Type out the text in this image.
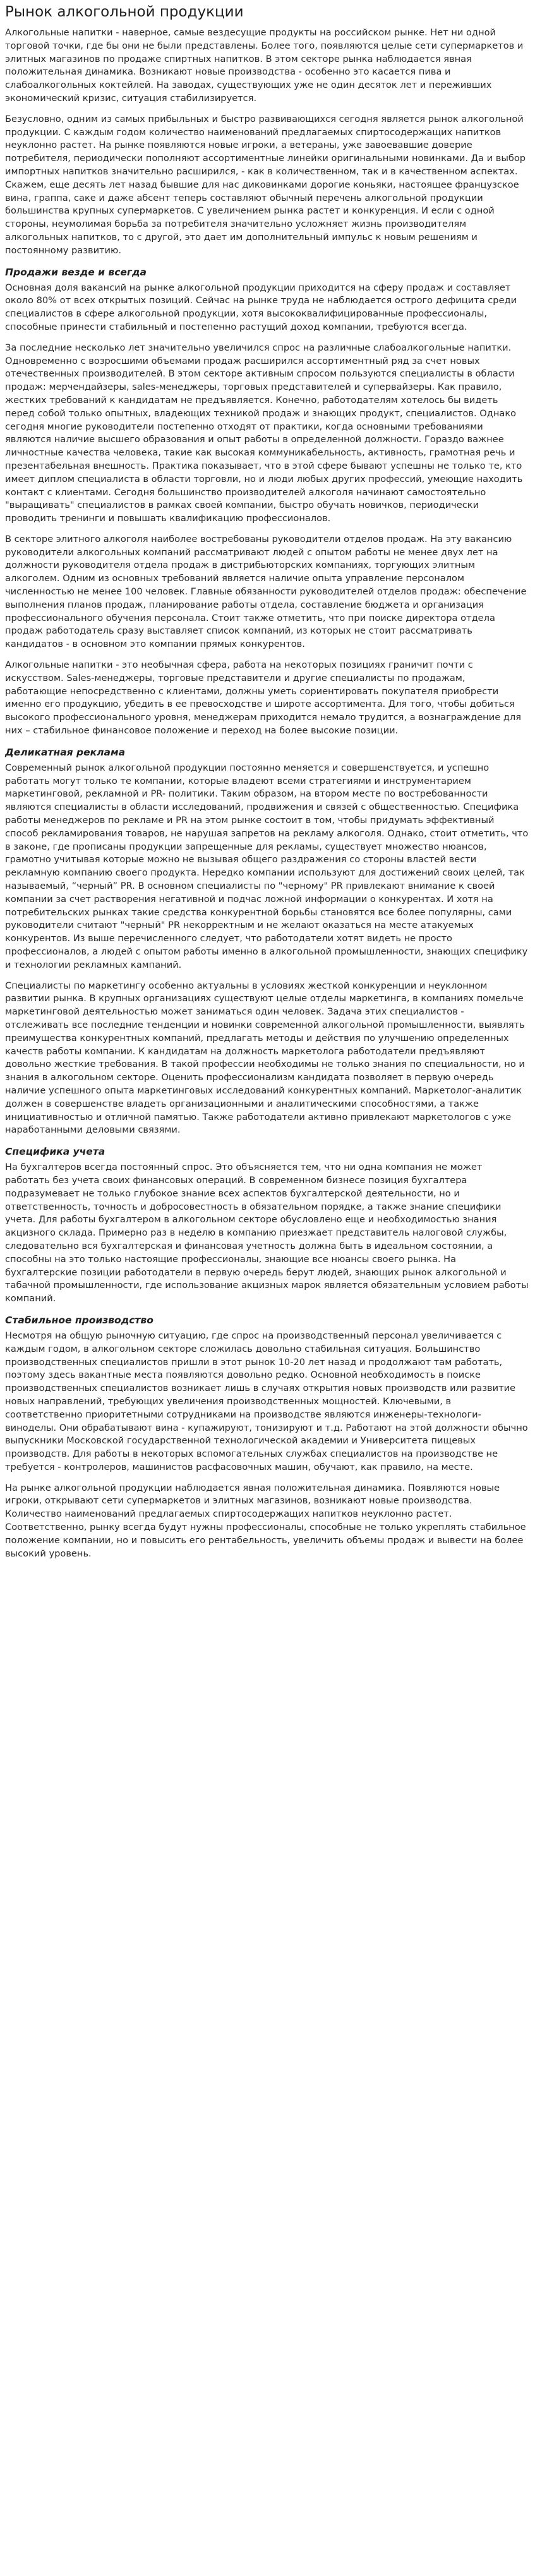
Рынок алкогольной продукции

Алкогольные напитки - наверное, самые вездесущие продукты на российском рынке. Нет ни одной торговой точки, где бы они не были представлены. Более того, появляются целые сети супермаркетов и элитных магазинов по продаже спиртных напитков. В этом секторе рынка наблюдается явная положительная динамика. Возникают новые производства - особенно это касается пива и слабоалкогольных коктейлей. На заводах, существующих уже не один десяток лет и переживших экономический кризис, ситуация стабилизируется.

Безусловно, одним из самых прибыльных и быстро развивающихся сегодня является рынок алкогольной продукции. С каждым годом количество наименований предлагаемых спиртосодержащих напитков неуклонно растет. На рынке появляются новые игроки, а ветераны, уже завоевавшие доверие потребителя, периодически пополняют ассортиментные линейки оригинальными новинками. Да и выбор импортных напитков значительно расширился, - как в количественном, так и в качественном аспектах. Скажем, еще десять лет назад бывшие для нас диковинками дорогие коньяки, настоящее французское вина, граппа, саке и даже абсент теперь составляют обычный перечень алкогольной продукции большинства крупных супермаркетов. С увеличением рынка растет и конкуренция. И если с одной стороны, неумолимая борьба за потребителя значительно усложняет жизнь производителям алкогольных напитков, то с другой, это дает им дополнительный импульс к новым решениям и постоянному развитию.

Продажи везде и всегда

Основная доля вакансий на рынке алкогольной продукции приходится на сферу продаж и составляет около 80% от всех открытых позиций. Сейчас на рынке труда не наблюдается острого дефицита среди специалистов в сфере алкогольной продукции, хотя высококвалифицированные профессионалы, способные принести стабильный и постепенно растущий доход компании, требуются всегда.

За последние несколько лет значительно увеличился спрос на различные слабоалкогольные напитки. Одновременно с возросшими объемами продаж расширился ассортиментный ряд за счет новых отечественных производителей. В этом секторе активным спросом пользуются специалисты в области продаж: мерчендайзеры, sales-менеджеры, торговых представителей и супервайзеры. Как правило, жестких требований к кандидатам не предъявляется. Конечно, работодателям хотелось бы видеть перед собой только опытных, владеющих техникой продаж и знающих продукт, специалистов. Однако сегодня многие руководители постепенно отходят от практики, когда основными требованиями являются наличие высшего образования и опыт работы в определенной должности. Гораздо важнее личностные качества человека, такие как высокая коммуникабельность, активность, грамотная речь и презентабельная внешность. Практика показывает, что в этой сфере бывают успешны не только те, кто имеет диплом специалиста в области торговли, но и люди любых других профессий, умеющие находить контакт с клиентами. Сегодня большинство производителей алкоголя начинают самостоятельно "выращивать" специалистов в рамках своей компании, быстро обучать новичков, периодически проводить тренинги и повышать квалификацию профессионалов.

В секторе элитного алкоголя наиболее востребованы руководители отделов продаж. На эту вакансию руководители алкогольных компаний рассматривают людей с опытом работы не менее двух лет на должности руководителя отдела продаж в дистрибьюторских компаниях, торгующих элитным алкоголем. Одним из основных требований является наличие опыта управление персоналом численностью не менее 100 человек. Главные обязанности руководителей отделов продаж: обеспечение выполнения планов продаж, планирование работы отдела, составление бюджета и организация профессионального обучения персонала. Стоит также отметить, что при поиске директора отдела продаж работодатель сразу выставляет список компаний, из которых не стоит рассматривать кандидатов - в основном это компании прямых конкурентов.

Алкогольные напитки - это необычная сфера, работа на некоторых позициях граничит почти с искусством. Sales-менеджеры, торговые представители и другие специалисты по продажам, работающие непосредственно с клиентами, должны уметь сориентировать покупателя приобрести именно его продукцию, убедить в ее превосходстве и широте ассортимента. Для того, чтобы добиться высокого профессионального уровня, менеджерам приходится немало трудится, а вознаграждение для них – стабильное финансовое положение и переход на более высокие позиции.

Деликатная реклама

Современный рынок алкогольной продукции постоянно меняется и совершенствуется, и успешно работать могут только те компании, которые владеют всеми стратегиями и инструментарием маркетинговой, рекламной и PR- политики. Таким образом, на втором месте по востребованности являются специалисты в области исследований, продвижения и связей с общественностью. Специфика работы менеджеров по рекламе и PR на этом рынке состоит в том, чтобы придумать эффективный способ рекламирования товаров, не нарушая запретов на рекламу алкоголя. Однако, стоит отметить, что в законе, где прописаны продукции запрещенные для рекламы, существует множество нюансов, грамотно учитывая которые можно не вызывая общего раздражения со стороны властей вести рекламную компанию своего продукта. Нередко компании используют для достижений своих целей, так называемый, “черный” PR. В основном специалисты по "черному" PR привлекают внимание к своей компании за счет растворения негативной и подчас ложной информации о конкурентах. И хотя на потребительских рынках такие средства конкурентной борьбы становятся все более популярны, сами руководители считают "черный" PR некорректным и не желают оказаться на месте атакуемых конкурентов. Из выше перечисленного следует, что работодатели хотят видеть не просто профессионалов, а людей с опытом работы именно в алкогольной промышленности, знающих специфику и технологии рекламных кампаний.

Специалисты по маркетингу особенно актуальны в условиях жесткой конкуренции и неуклонном развитии рынка. В крупных организациях существуют целые отделы маркетинга, в компаниях помельче маркетинговой деятельностью может заниматься один человек. Задача этих специалистов - отслеживать все последние тенденции и новинки современной алкогольной промышленности, выявлять преимущества конкурентных компаний, предлагать методы и действия по улучшению определенных качеств работы компании. К кандидатам на должность маркетолога работодатели предъявляют довольно жесткие требования. В такой профессии необходимы не только знания по специальности, но и знания в алкогольном секторе. Оценить профессионализм кандидата позволяет в первую очередь наличие успешного опыта маркетинговых исследований конкурентных компаний. Маркетолог-аналитик должен в совершенстве владеть организационными и аналитическими способностями, а также инициативностью и отличной памятью. Также работодатели активно привлекают маркетологов с уже наработанными деловыми связями.

Специфика учета

На бухгалтеров всегда постоянный спрос. Это объясняется тем, что ни одна компания не может работать без учета своих финансовых операций. В современном бизнесе позиция бухгалтера подразумевает не только глубокое знание всех аспектов бухгалтерской деятельности, но и ответственность, точность и добросовестность в обязательном порядке, а также знание специфики учета. Для работы бухгалтером в алкогольном секторе обусловлено еще и необходимостью знания акцизного склада. Примерно раз в неделю в компанию приезжает представитель налоговой службы, следовательно вся бухгалтерская и финансовая учетность должна быть в идеальном состоянии, а способны на это только настоящие профессионалы, знающие все нюансы своего рынка. На бухгалтерские позиции работодатели в первую очередь берут людей, знающих рынок алкогольной и табачной промышленности, где использование акцизных марок является обязательным условием работы компаний.

Стабильное производство

Несмотря на общую рыночную ситуацию, где спрос на производственный персонал увеличивается с каждым годом, в алкогольном секторе сложилась довольно стабильная ситуация. Большинство производственных специалистов пришли в этот рынок 10-20 лет назад и продолжают там работать, поэтому здесь вакантные места появляются довольно редко. Основной необходимость в поиске производственных специалистов возникает лишь в случаях открытия новых производств или развитие новых направлений, требующих увеличения производственных мощностей. Ключевыми, в соответственно приоритетными сотрудниками на производстве являются инженеры-технологи-виноделы. Они обрабатывают вина - купажируют, тонизируют и т.д. Работают на этой должности обычно выпускники Московской государственной технологической академии и Университета пищевых производств. Для работы в некоторых вспомогательных службах специалистов на производстве не требуется - контролеров, машинистов расфасовочных машин, обучают, как правило, на месте.

На рынке алкогольной продукции наблюдается явная положительная динамика. Появляются новые игроки, открывают сети супермаркетов и элитных магазинов, возникают новые производства. Количество наименований предлагаемых спиртосодержащих напитков неуклонно растет. Соответственно, рынку всегда будут нужны профессионалы, способные не только укреплять стабильное положение компании, но и повысить его рентабельность, увеличить объемы продаж и вывести на более высокий уровень.
